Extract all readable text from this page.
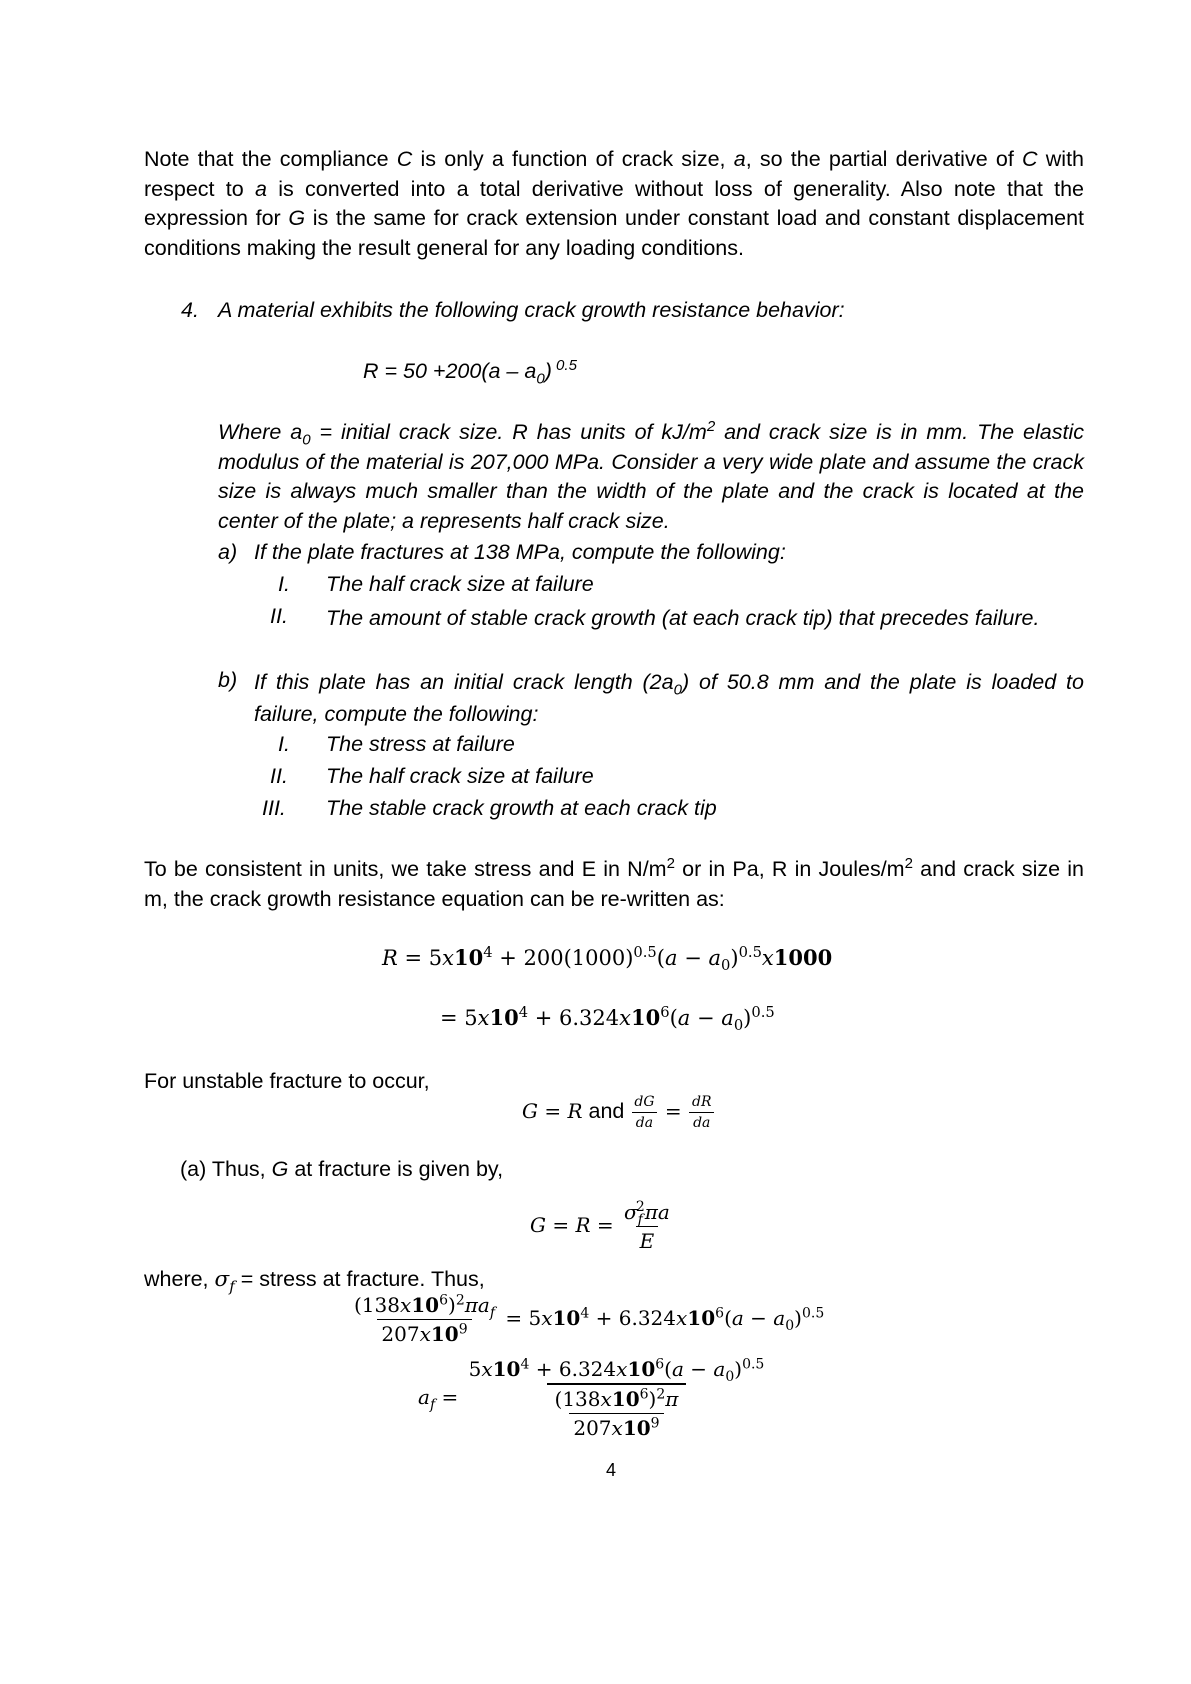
Note that the compliance C is only a function of crack size, a, so the partial derivative of C with respect to a is converted into a total derivative without loss of generality. Also note that the expression for G is the same for crack extension under constant load and constant displacement conditions making the result general for any loading conditions.
4. A material exhibits the following crack growth resistance behavior:
$R = 50 +200(a - a_0)$ $^{0.5}$
Where $a_0$ = initial crack size. R has units of $kJ/m^2$ and crack size is in mm. The elastic modulus of the material is 207,000 MPa. Consider a very wide plate and assume the crack size is always much smaller than the width of the plate and the crack is located at the center of the plate; a represents half crack size.
a) If the plate fractures at 138 MPa, compute the following:
I. The half crack size at failure
II. The amount of stable crack growth (at each crack tip) that precedes failure.
b) If this plate has an initial crack length $(2a_0)$ of 50.8 mm and the plate is loaded to failure, compute the following:
I. The stress at failure
II. The half crack size at failure
III. The stable crack growth at each crack tip
To be consistent in units, we take stress and E in $N/m^2$ or in Pa, R in Joules/$m^2$ and crack size in m, the crack growth resistance equation can be re-written as:
$R = 5x10^4 + 200(1000)^{0.5}(a - a_0)^{0.5}x1000$
= $5x10^4 + 6.324x10^6(a - a_0)^{0.5}$
For unstable fracture to occur,
G = R and $\frac{dG}{da} = \frac{dR}{da}$
(a) Thus, G at fracture is given by,
$G = R = \frac{\sigma_f^2\pi a}{E}$
where, $\sigma_f$ = stress at fracture. Thus,
$\frac{(138x10^6)^2\pi a_f}{207x10^9} = 5x10^4 + 6.324x10^6(a - a_0)^{0.5}$
$a_f = \frac{5x10^4 + 6.324x10^6(a - a_0)^{0.5}}{\frac{(138x10^6)^2\pi}{207x10^9}}$
4
